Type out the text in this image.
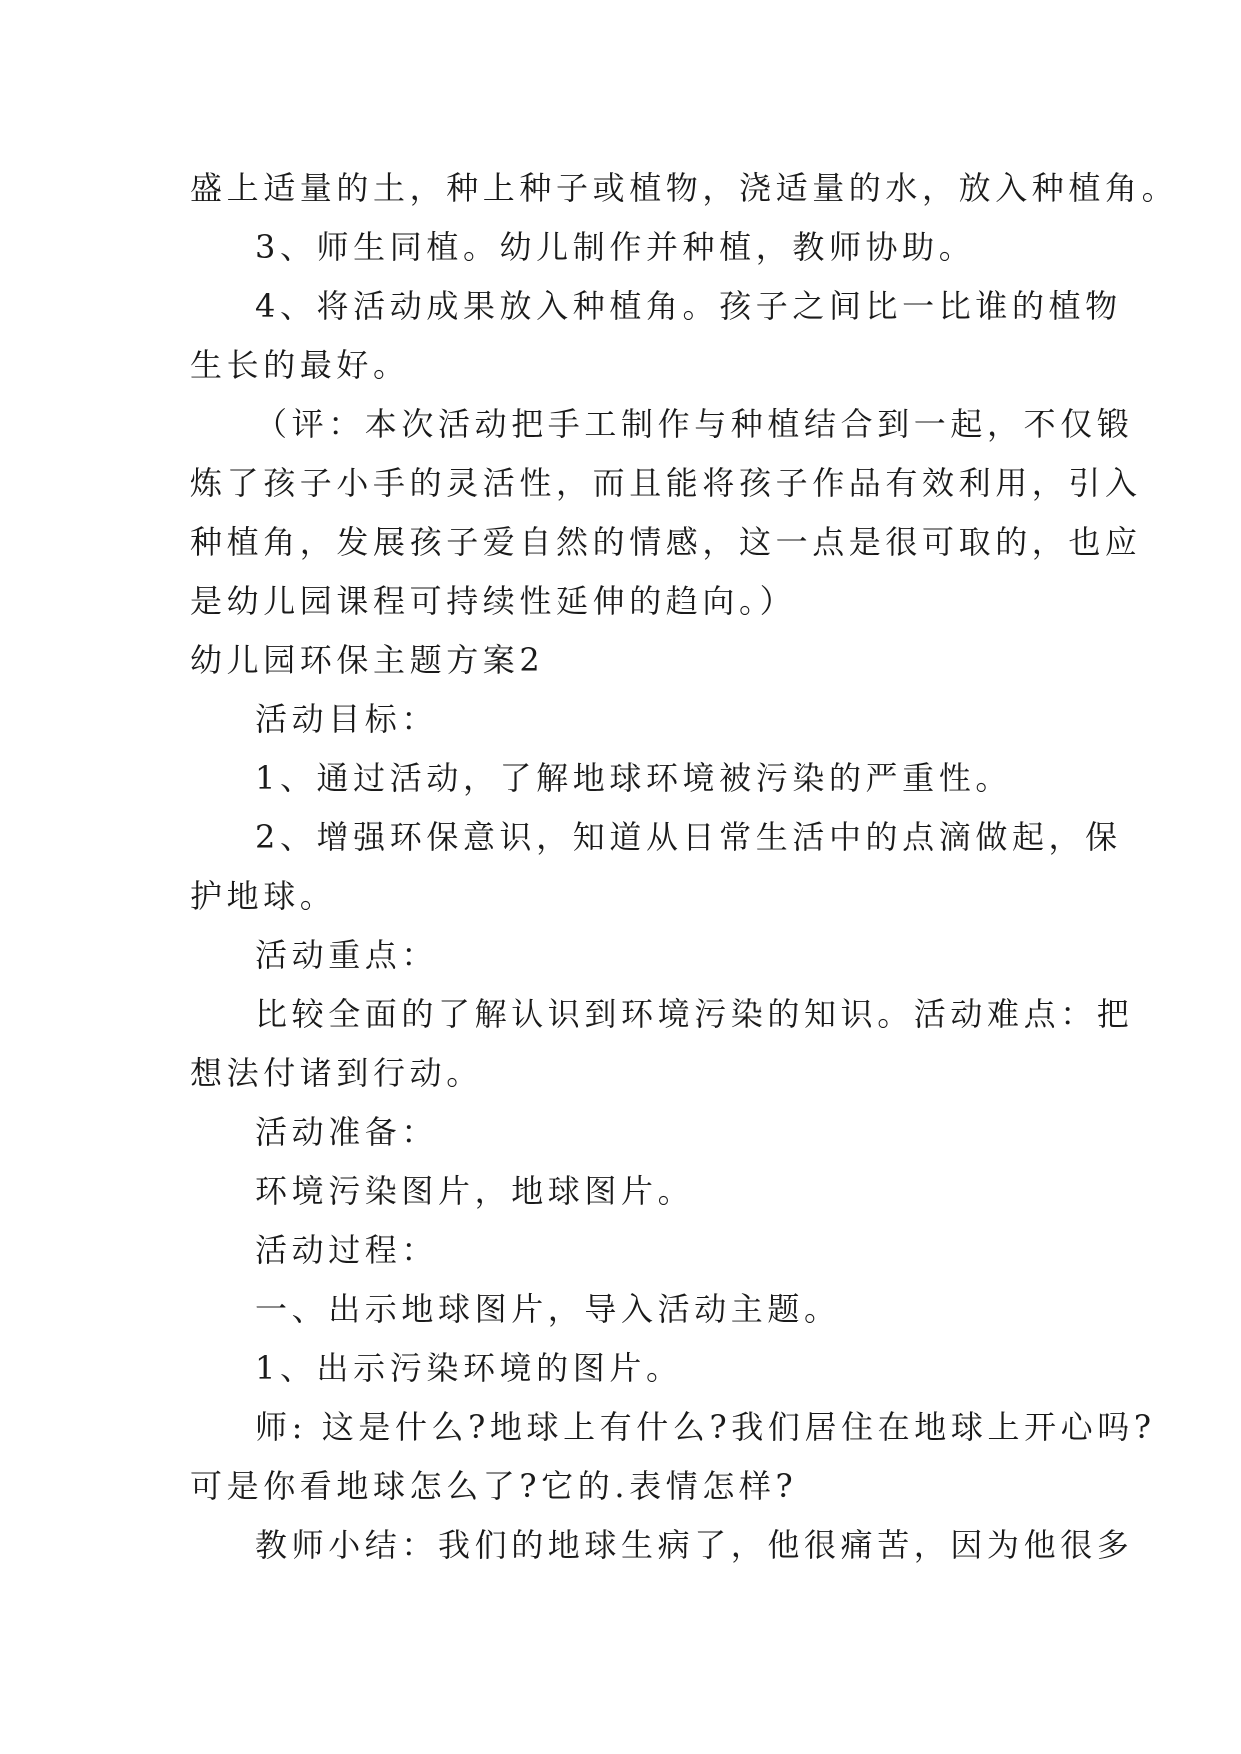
盛上适量的土，种上种子或植物，浇适量的水，放入种植角。
3、师生同植。幼儿制作并种植，教师协助。
4、将活动成果放入种植角。孩子之间比一比谁的植物
生长的最好。
（评：本次活动把手工制作与种植结合到一起，不仅锻
炼了孩子小手的灵活性，而且能将孩子作品有效利用，引入
种植角，发展孩子爱自然的情感，这一点是很可取的，也应
是幼儿园课程可持续性延伸的趋向。）
幼儿园环保主题方案2
活动目标：
1、通过活动，了解地球环境被污染的严重性。
2、增强环保意识，知道从日常生活中的点滴做起，保
护地球。
活动重点：
比较全面的了解认识到环境污染的知识。活动难点：把
想法付诸到行动。
活动准备：
环境污染图片，地球图片。
活动过程：
一、出示地球图片，导入活动主题。
1、出示污染环境的图片。
师: 这是什么?地球上有什么?我们居住在地球上开心吗?
可是你看地球怎么了?它的.表情怎样?
教师小结：我们的地球生病了，他很痛苦，因为他很多
